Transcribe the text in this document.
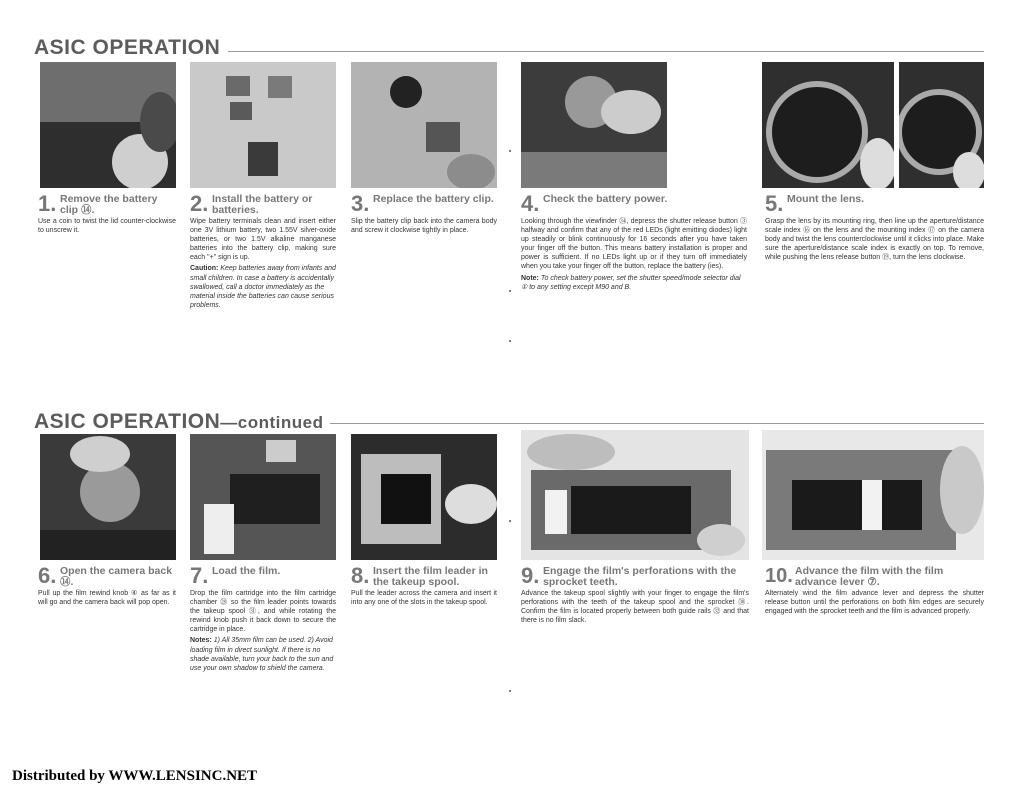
ASIC OPERATION
1. Remove the battery clip ⑭.
Use a coin to twist the lid counter-clockwise to unscrew it.
2. Install the battery or batteries.
Wipe battery terminals clean and insert either one 3V lithium battery, two 1.55V silver-oxide batteries, or two 1.5V alkaline manganese batteries into the battery clip, making sure each "+" sign is up.
Caution: Keep batteries away from infants and small children. In case a battery is accidentally swallowed, call a doctor immediately as the material inside the batteries can cause serious problems.
3. Replace the battery clip.
Slip the battery clip back into the camera body and screw it clockwise tightly in place.
4. Check the battery power.
Looking through the viewfinder ㉞, depress the shutter release button ③ halfway and confirm that any of the red LEDs (light emitting diodes) light up steadily or blink continuously for 16 seconds after you have taken your finger off the button. This means battery installation is proper and power is sufficient. If no LEDs light up or if they turn off immediately when you take your finger off the button, replace the battery (ies).
Note: To check battery power, set the shutter speed/mode selector dial ① to any setting except M90 and B.
5. Mount the lens.
Grasp the lens by its mounting ring, then line up the aperture/distance scale index ⑯ on the lens and the mounting index ⑰ on the camera body and twist the lens counterclockwise until it clicks into place. Make sure the aperture/distance scale index is exactly on top. To remove, while pushing the lens release button ⑲, turn the lens clockwise.
ASIC OPERATION—continued
6. Open the camera back ⑭.
Pull up the film rewind knob ④ as far as it will go and the camera back will pop open.
7. Load the film.
Drop the film cartridge into the film cartridge chamber ㉘ so the film leader points towards the takeup spool ㉛, and while rotating the rewind knob push it back down to secure the cartridge in place.
Notes: 1) All 35mm film can be used. 2) Avoid loading film in direct sunlight. If there is no shade available, turn your back to the sun and use your own shadow to shield the camera.
8. Insert the film leader in the takeup spool.
Pull the leader across the camera and insert it into any one of the slots in the takeup spool.
9. Engage the film's perforations with the sprocket teeth.
Advance the takeup spool slightly with your finger to engage the film's perforations with the teeth of the takeup spool and the sprocket ㉚. Confirm the film is located properly between both guide rails ㉜ and that there is no film slack.
10. Advance the film with the film advance lever ⑦.
Alternately wind the film advance lever and depress the shutter release button until the perforations on both film edges are securely engaged with the sprocket teeth and the film is advanced properly.
Distributed by WWW.LENSINC.NET
